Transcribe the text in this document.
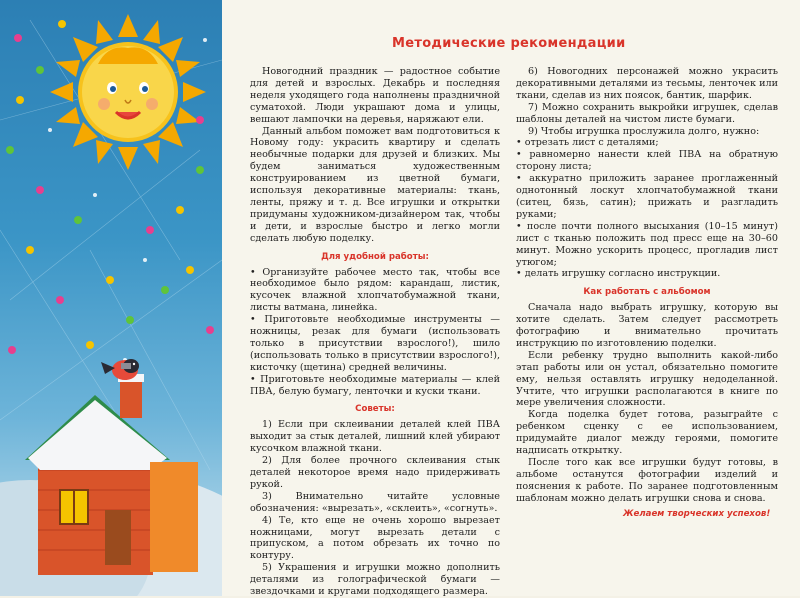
Методические рекомендации

Новогодний праздник — радостное событие для детей и взрослых. Декабрь и последняя неделя уходящего года наполнены праздничной суматохой. Люди украшают дома и улицы, вешают лампочки на деревья, наряжают ели.

Данный альбом поможет вам подготовиться к Новому году: украсить квартиру и сделать необычные подарки для друзей и близких. Мы будем заниматься художественным конструированием из цветной бумаги, используя декоративные материалы: ткань, ленты, пряжу и т. д. Все игрушки и открытки придуманы художником-дизайнером так, чтобы и дети, и взрослые быстро и легко могли сделать любую поделку.

Для удобной работы:

• Организуйте рабочее место так, чтобы все необходимое было рядом: карандаш, листик, кусочек влажной хлопчатобумажной ткани, листы ватмана, линейка.

• Приготовьте необходимые инструменты — ножницы, резак для бумаги (использовать только в присутствии взрослого!), шило (использовать только в присутствии взрослого!), кисточку (щетина) средней величины.

• Приготовьте необходимые материалы — клей ПВА, белую бумагу, ленточки и куски ткани.

Советы:

1) Если при склеивании деталей клей ПВА выходит за стык деталей, лишний клей убирают кусочком влажной ткани.

2) Для более прочного склеивания стык деталей некоторое время надо придерживать рукой.

3) Внимательно читайте условные обозначения: «вырезать», «склеить», «согнуть».

4) Те, кто еще не очень хорошо вырезает ножницами, могут вырезать детали с припуском, а потом обрезать их точно по контуру.

5) Украшения и игрушки можно дополнить деталями из голографической бумаги — звездочками и кругами подходящего размера.

6) Новогодних персонажей можно украсить декоративными деталями из тесьмы, ленточек или ткани, сделав из них поясок, бантик, шарфик.

7) Можно сохранить выкройки игрушек, сделав шаблоны деталей на чистом листе бумаги.

9) Чтобы игрушка прослужила долго, нужно:

• отрезать лист с деталями;

• равномерно нанести клей ПВА на обратную сторону листа;

• аккуратно приложить заранее проглаженный однотонный лоскут хлопчатобумажной ткани (ситец, бязь, сатин); прижать и разгладить руками;

• после почти полного высыхания (10–15 минут) лист с тканью положить под пресс еще на 30–60 минут. Можно ускорить процесс, прогладив лист утюгом;

• делать игрушку согласно инструкции.

Как работать с альбомом

Сначала надо выбрать игрушку, которую вы хотите сделать. Затем следует рассмотреть фотографию и внимательно прочитать инструкцию по изготовлению поделки.

Если ребенку трудно выполнить какой-либо этап работы или он устал, обязательно помогите ему, нельзя оставлять игрушку недоделанной. Учтите, что игрушки располагаются в книге по мере увеличения сложности.

Когда поделка будет готова, разыграйте с ребенком сценку с ее использованием, придумайте диалог между героями, помогите надписать открытку.

После того как все игрушки будут готовы, в альбоме останутся фотографии изделий и пояснения к работе. По заранее подготовленным шаблонам можно делать игрушки снова и снова.

Желаем творческих успехов!
